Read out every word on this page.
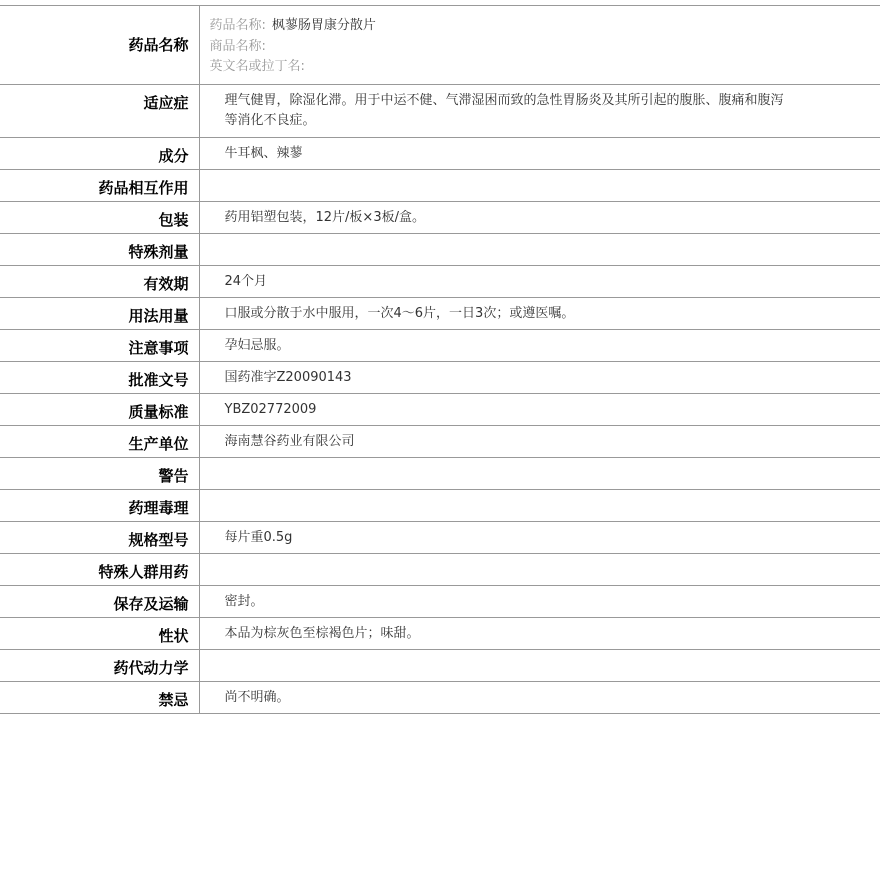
药品名称	药品名称: 枫蓼肠胃康分散片
商品名称:
英文名或拉丁名:

适应症	理气健胃，除湿化滞。用于中运不健、气滞湿困而致的急性胃肠炎及其所引起的腹胀、腹痛和腹泻等消化不良症。

成分	牛耳枫、辣蓼
药品相互作用	
包装	药用铝塑包装，12片/板×3板/盒。
特殊剂量	
有效期	24个月
用法用量	口服或分散于水中服用，一次4～6片，一日3次；或遵医嘱。
注意事项	孕妇忌服。
批准文号	国药准字Z20090143
质量标准	YBZ02772009
生产单位	海南慧谷药业有限公司
警告	
药理毒理	
规格型号	每片重0.5g
特殊人群用药	
保存及运输	密封。
性状	本品为棕灰色至棕褐色片；味甜。
药代动力学	
禁忌	尚不明确。
